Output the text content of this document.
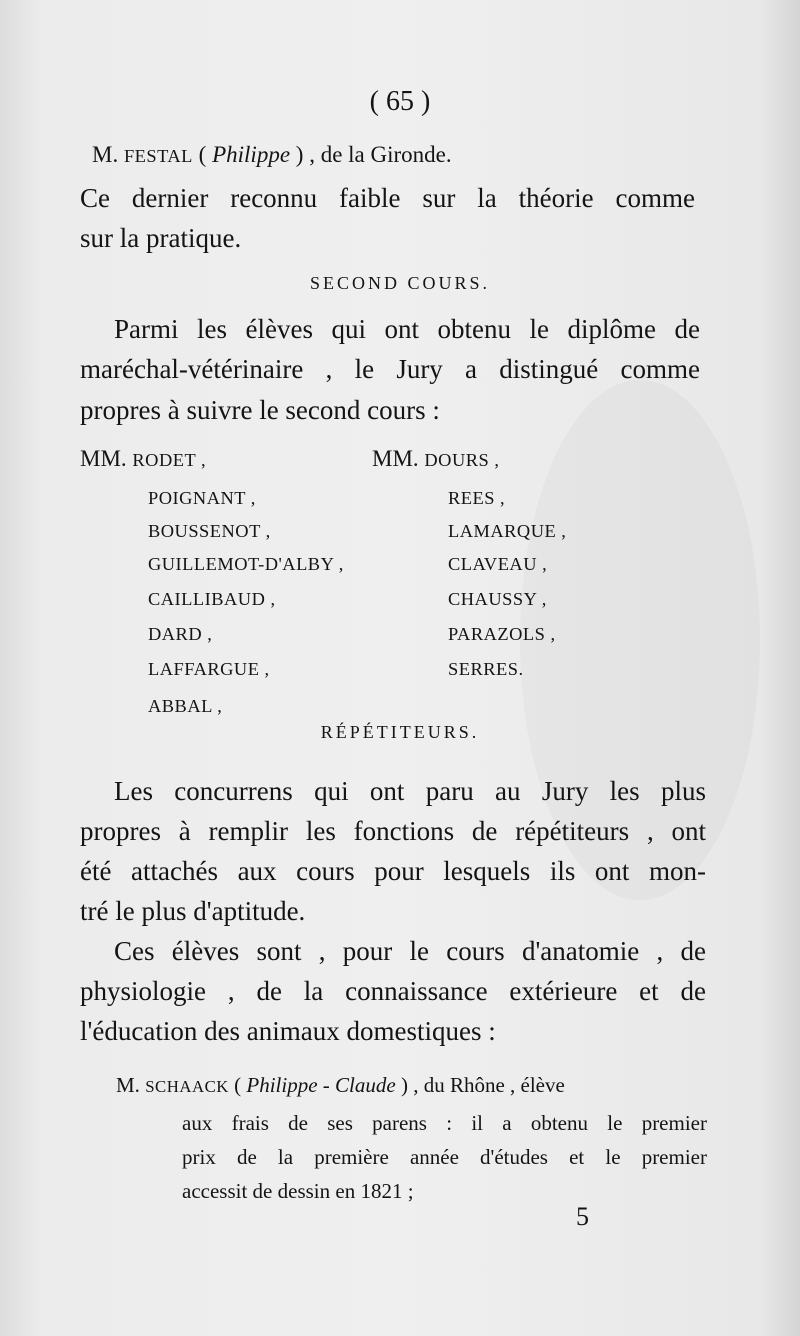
( 65 )
M. FESTAL ( Philippe ) , de la Gironde.
Ce dernier reconnu faible sur la théorie comme
sur la pratique.
SECOND COURS.
Parmi les élèves qui ont obtenu le diplôme de
maréchal-vétérinaire , le Jury a distingué comme
propres à suivre le second cours :
MM. RODET ,
POIGNANT ,
BOUSSENOT ,
GUILLEMOT-D'ALBY ,
CAILLIBAUD ,
DARD ,
LAFFARGUE ,
ABBAL ,
MM. DOURS ,
REES ,
LAMARQUE ,
CLAVEAU ,
CHAUSSY ,
PARAZOLS ,
SERRES.
RÉPÉTITEURS.
Les concurrens qui ont paru au Jury les plus
propres à remplir les fonctions de répétiteurs , ont
été attachés aux cours pour lesquels ils ont mon-
tré le plus d'aptitude.
Ces élèves sont , pour le cours d'anatomie , de
physiologie , de la connaissance extérieure et de
l'éducation des animaux domestiques :
M. SCHAACK ( Philippe - Claude ) , du Rhône , élève
aux frais de ses parens : il a obtenu le premier
prix de la première année d'études et le premier
accessit de dessin en 1821 ;
5
